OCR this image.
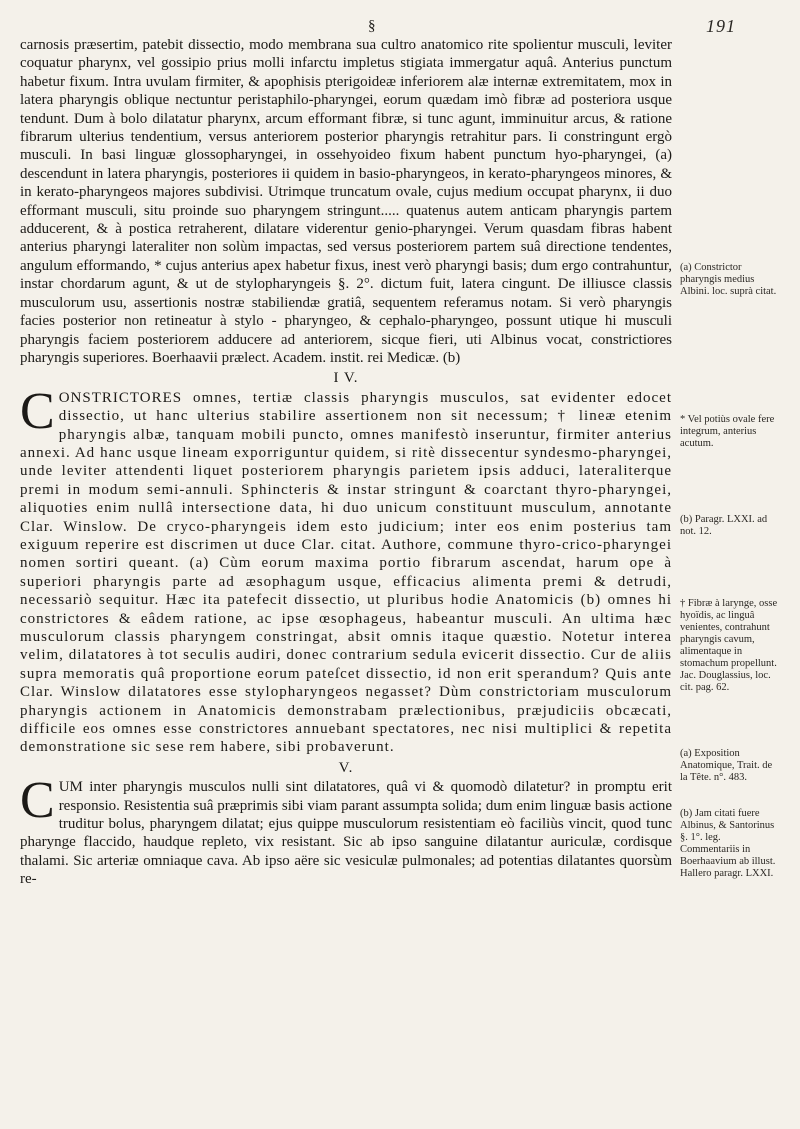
§	191

carnosis præsertim, patebit dissectio, modo membrana sua cultro anatomico rite spolientur musculi, leviter coquatur pharynx, vel gossipio prius molli infarctu impletus stigiata immergatur aquâ. Anterius punctum habetur fixum. Intra uvulam firmiter, & apophisis pterigoideæ inferiorem alæ internæ extremitatem, mox in latera pharyngis oblique nectuntur peristaphilo-pharyngei, eorum quædam imò fibræ ad posteriora usque tendunt. Dum à bolo dilatatur pharynx, arcum efformant fibræ, si tunc agunt, imminuitur arcus, & ratione fibrarum ulterius tendentium, versus anteriorem posterior pharyngis retrahitur pars. Ii constringunt ergò musculi. In basi linguæ glossopharyngei, in ossehyoideo fixum habent punctum hyo-pharyngei, (a) descendunt in latera pharyngis, posteriores ii quidem in basio-pharyngeos, in kerato-pharyngeos minores, & in kerato-pharyngeos majores subdivisi. Utrimque truncatum ovale, cujus medium occupat pharynx, ii duo efformant musculi, situ proinde suo pharyngem stringunt..... quatenus autem anticam pharyngis partem adducerent, & à postica retraherent, dilatare viderentur genio-pharyngei. Verum quasdam fibras habent anterius pharyngi lateraliter non solùm impactas, sed versus posteriorem partem suâ directione tendentes, angulum efformando, * cujus anterius apex habetur fixus, inest verò pharyngi basis; dum ergo contrahuntur, instar chordarum agunt, & ut de stylopharyngeis §. 2°. dictum fuit, latera cingunt. De illiusce classis musculorum usu, assertionis nostræ stabiliendæ gratiâ, sequentem referamus notam. Si verò pharyngis facies posterior non retineatur à stylo - pharyngeo, & cephalo-pharyngeo, possunt utique hi musculi pharyngis faciem posteriorem adducere ad anteriorem, sicque fieri, uti Albinus vocat, constrictiores pharyngis superiores. Boerhaavii prælect. Academ. instit. rei Medicæ. (b)

I V.

CONSTRICTORES omnes, tertiæ classis pharyngis musculos, sat evidenter edocet dissectio, ut hanc ulterius stabilire assertionem non sit necessum; † lineæ etenim pharyngis albæ, tanquam mobili puncto, omnes manifestò inseruntur, firmiter anterius annexi. Ad hanc usque lineam exporriguntur quidem, si ritè dissecentur syndesmo-pharyngei, unde leviter attendenti liquet posteriorem pharyngis parietem ipsis adduci, lateraliterque premi in modum semi-annuli. Sphincteris & instar stringunt & coarctant thyro-pharyngei, aliquoties enim nullâ intersectione data, hi duo unicum constituunt musculum, annotante Clar. Winslow. De cryco-pharyngeis idem esto judicium; inter eos enim posterius tam exiguum reperire est discrimen ut duce Clar. citat. Authore, commune thyro-crico-pharyngei nomen sortiri queant. (a) Cùm eorum maxima portio fibrarum ascendat, harum ope à superiori pharyngis parte ad æsophagum usque, efficacius alimenta premi & detrudi, necessariò sequitur. Hæc ita patefecit dissectio, ut pluribus hodie Anatomicis (b) omnes hi constrictores & eâdem ratione, ac ipse œsophageus, habeantur musculi. An ultima hæc musculorum classis pharyngem constringat, absit omnis itaque quæstio. Notetur interea velim, dilatatores à tot seculis audiri, donec contrarium sedula evicerit dissectio. Cur de aliis supra memoratis quâ proportione eorum pateſcet dissectio, id non erit sperandum? Quis ante Clar. Winslow dilatatores esse stylopharyngeos negasset? Dùm constrictoriam musculorum pharyngis actionem in Anatomicis demonstrabam prælectionibus, præjudiciis obcæcati, difficile eos omnes esse constrictores annuebant spectatores, nec nisi multiplici & repetita demonstratione sic sese rem habere, sibi probaverunt.

V.

CUM inter pharyngis musculos nulli sint dilatatores, quâ vi & quomodò dilatetur? in promptu erit responsio. Resistentia suâ præprimis sibi viam parant assumpta solida; dum enim linguæ basis actione truditur bolus, pharyngem dilatat; ejus quippe musculorum resistentiam eò faciliùs vincit, quod tunc pharynge flaccido, haudque repleto, vix resistant. Sic ab ipso sanguine dilatantur auriculæ, cordisque thalami. Sic arteriæ omniaque cava. Ab ipso aëre sic vesiculæ pulmonales; ad potentias dilatantes quorsùm re-

(a) Constrictor pharyngis medius Albini. loc. suprà citat.
* Vel potiùs ovale fere integrum, anterius acutum.
(b) Paragr. LXXI. ad not. 12.
† Fibræ à larynge, osse hyoïdis, ac linguâ venientes, contrahunt pharyngis cavum, alimentaque in stomachum propellunt. Jac. Douglassius, loc. cit. pag. 62.
(a) Exposition Anatomique, Trait. de la Tête. n°. 483.
(b) Jam citati fuere Albinus, & Santorinus §. 1°. leg. Commentariis in Boerhaavium ab illust. Hallero paragr. LXXI.
